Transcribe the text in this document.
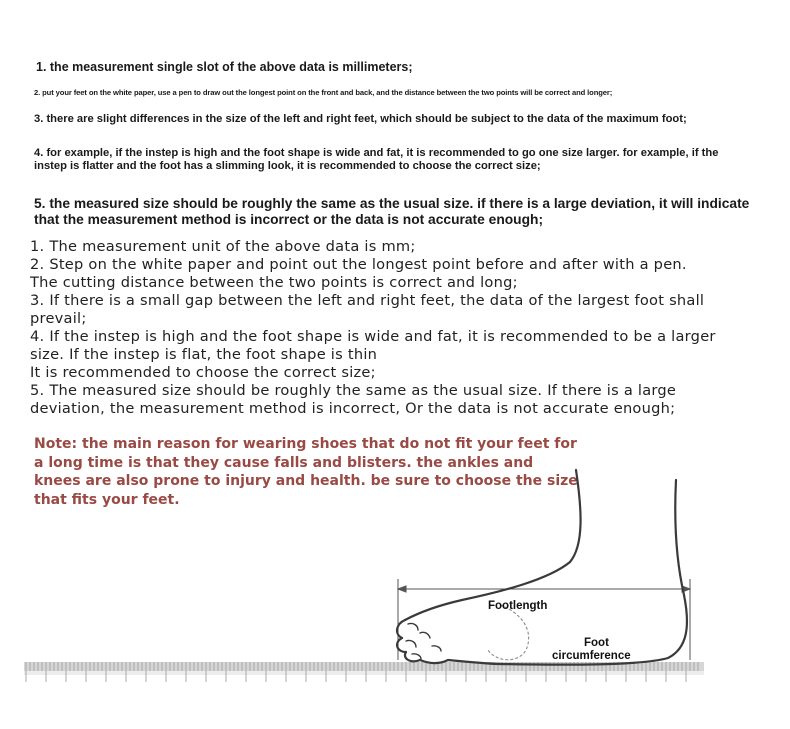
1. the measurement single slot of the above data is millimeters;
2. put your feet on the white paper, use a pen to draw out the longest point on the front and back, and the distance between the two points will be correct and longer;
3. there are slight differences in the size of the left and right feet, which should be subject to the data of the maximum foot;
4. for example, if the instep is high and the foot shape is wide and fat, it is recommended to go one size larger. for example, if the instep is flatter and the foot has a slimming look, it is recommended to choose the correct size;
5. the measured size should be roughly the same as the usual size. if there is a large deviation, it will indicate that the measurement method is incorrect or the data is not accurate enough;
1. The measurement unit of the above data is mm;
2. Step on the white paper and point out the longest point before and after with a pen.
The cutting distance between the two points is correct and long;
3. If there is a small gap between the left and right feet, the data of the largest foot shall
prevail;
4. If the instep is high and the foot shape is wide and fat, it is recommended to be a larger
size. If the instep is flat, the foot shape is thin
It is recommended to choose the correct size;
5. The measured size should be roughly the same as the usual size. If there is a large
deviation, the measurement method is incorrect, Or the data is not accurate enough;
Note: the main reason for wearing shoes that do not fit your feet for a long time is that they cause falls and blisters. the ankles and knees are also prone to injury and health. be sure to choose the size that fits your feet.
Footlength
Foot
circumference
